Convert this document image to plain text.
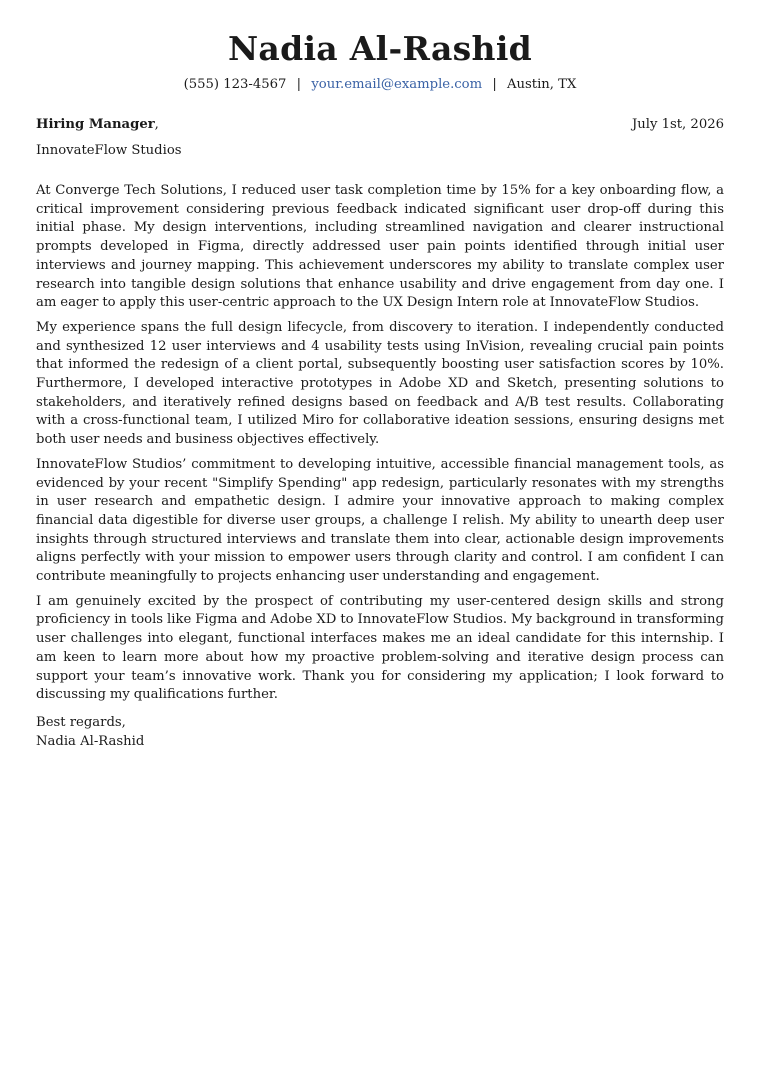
Nadia Al-Rashid
(555) 123-4567 | your.email@example.com | Austin, TX
Hiring Manager,	July 1st, 2026
InnovateFlow Studios

At Converge Tech Solutions, I reduced user task completion time by 15% for a key onboarding flow, a critical improvement considering previous feedback indicated significant user drop-off during this initial phase. My design interventions, including streamlined navigation and clearer instructional prompts developed in Figma, directly addressed user pain points identified through initial user interviews and journey mapping. This achievement underscores my ability to translate complex user research into tangible design solutions that enhance usability and drive engagement from day one. I am eager to apply this user-centric approach to the UX Design Intern role at InnovateFlow Studios.

My experience spans the full design lifecycle, from discovery to iteration. I independently conducted and synthesized 12 user interviews and 4 usability tests using InVision, revealing crucial pain points that informed the redesign of a client portal, subsequently boosting user satisfaction scores by 10%. Furthermore, I developed interactive prototypes in Adobe XD and Sketch, presenting solutions to stakeholders, and iteratively refined designs based on feedback and A/B test results. Collaborating with a cross-functional team, I utilized Miro for collaborative ideation sessions, ensuring designs met both user needs and business objectives effectively.

InnovateFlow Studios’ commitment to developing intuitive, accessible financial management tools, as evidenced by your recent "Simplify Spending" app redesign, particularly resonates with my strengths in user research and empathetic design. I admire your innovative approach to making complex financial data digestible for diverse user groups, a challenge I relish. My ability to unearth deep user insights through structured interviews and translate them into clear, actionable design improvements aligns perfectly with your mission to empower users through clarity and control. I am confident I can contribute meaningfully to projects enhancing user understanding and engagement.

I am genuinely excited by the prospect of contributing my user-centered design skills and strong proficiency in tools like Figma and Adobe XD to InnovateFlow Studios. My background in transforming user challenges into elegant, functional interfaces makes me an ideal candidate for this internship. I am keen to learn more about how my proactive problem-solving and iterative design process can support your team’s innovative work. Thank you for considering my application; I look forward to discussing my qualifications further.

Best regards,
Nadia Al-Rashid
